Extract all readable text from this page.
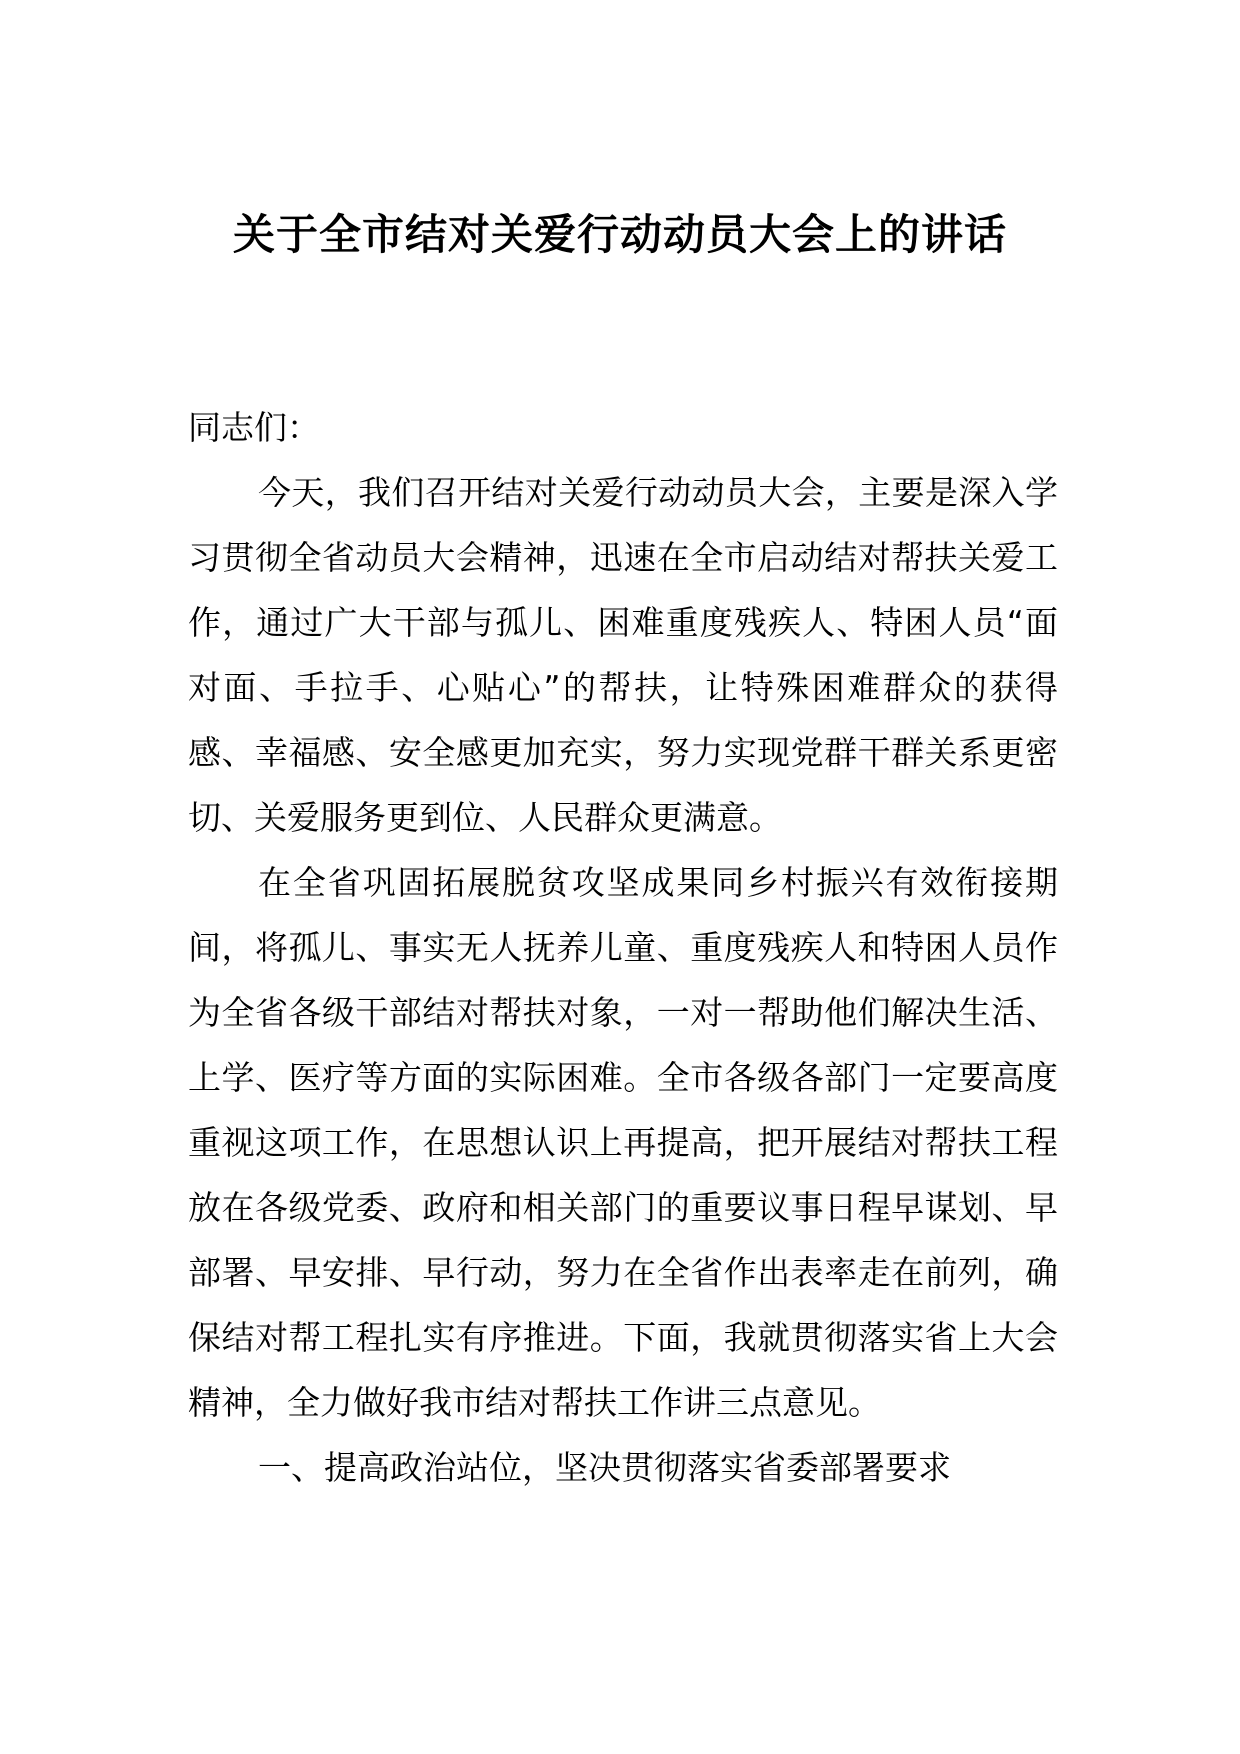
关于全市结对关爱行动动员大会上的讲话

同志们：

今天，我们召开结对关爱行动动员大会，主要是深入学习贯彻全省动员大会精神，迅速在全市启动结对帮扶关爱工作，通过广大干部与孤儿、困难重度残疾人、特困人员“面对面、手拉手、心贴心”的帮扶，让特殊困难群众的获得感、幸福感、安全感更加充实，努力实现党群干群关系更密切、关爱服务更到位、人民群众更满意。

在全省巩固拓展脱贫攻坚成果同乡村振兴有效衔接期间，将孤儿、事实无人抚养儿童、重度残疾人和特困人员作为全省各级干部结对帮扶对象，一对一帮助他们解决生活、上学、医疗等方面的实际困难。全市各级各部门一定要高度重视这项工作，在思想认识上再提高，把开展结对帮扶工程放在各级党委、政府和相关部门的重要议事日程早谋划、早部署、早安排、早行动，努力在全省作出表率走在前列，确保结对帮工程扎实有序推进。下面，我就贯彻落实省上大会精神，全力做好我市结对帮扶工作讲三点意见。

一、提高政治站位，坚决贯彻落实省委部署要求
